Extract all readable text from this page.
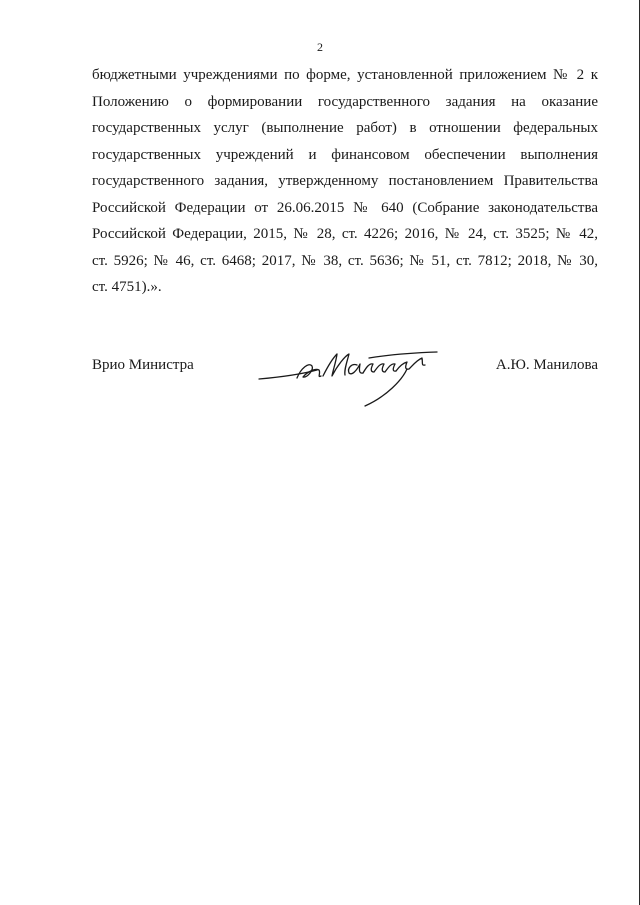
2
бюджетными учреждениями по форме, установленной приложением № 2 к
Положению о формировании государственного задания на оказание
государственных услуг (выполнение работ) в отношении федеральных
государственных учреждений и финансовом обеспечении выполнения
государственного задания, утвержденному постановлением Правительства
Российской Федерации от 26.06.2015 № 640 (Собрание законодательства
Российской Федерации, 2015, № 28, ст. 4226; 2016, № 24, ст. 3525; № 42,
ст. 5926; № 46, ст. 6468; 2017, № 38, ст. 5636; № 51, ст. 7812; 2018, № 30,
ст. 4751).».
Врио Министра	А.Ю. Манилова
